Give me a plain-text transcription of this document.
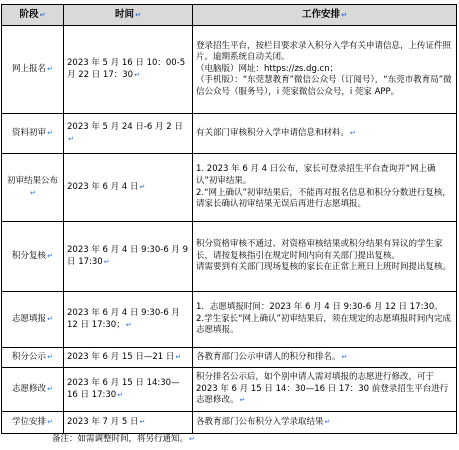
阶段↵	时间↵	工作安排↵
网上报名↵	2023 年 5 月 16 日 10：00-5 月 22 日 17：30↵	登录招生平台，按栏目要求录入积分入学有关申请信息，上传证件照片。逾期系统自动关闭。
（电脑版）网址：https://zs.dg.cn；
（手机版）：“东莞慧教育”微信公众号（订阅号），“东莞市教育局”微信公众号（服务号），i 莞家微信公众号，i 莞家 APP。

资料初审↵	2023 年 5 月 24 日-6 月 2 日↵	有关部门审核积分入学申请信息和材料。↵
初审结果公布↵	2023 年 6 月 4 日↵	1. 2023 年 6 月 4 日公布，家长可登录招生平台查询并“网上确认”初审结果。
2.“网上确认”初审结果后，不能再对报名信息和积分分数进行复核，请家长确认初审结果无误后再进行志愿填报。

积分复核↵	2023 年 6 月 4 日 9:30-6 月 9 日 17:30↵	积分资格审核不通过、对资格审核结果或积分结果有异议的学生家长，请按复核指引在规定时间内向有关部门提出复核。
请需要到有关部门现场复核的家长在正常上班日上班时间提出复核。

志愿填报↵	2023 年 6 月 4 日 9:30-6 月 12 日 17:30；↵	1．志愿填报时间：2023 年 6 月 4 日 9:30-6 月 12 日 17:30。
2.学生家长“网上确认”初审结果后，须在规定的志愿填报时间内完成志愿填报。

积分公示↵	2023 年 6 月 15 日—21 日↵	各教育部门公示申请人的积分和排名。↵
志愿修改↵	2023 年 6 月 15 日 14:30—16 日 17:30↵	积分排名公示后，如个别申请人需对填报的志愿进行修改，可于 2023 年 6 月 15 日 14：30—16 日 17：30 前登录招生平台进行志愿修改。↵
学位安排↵	2023 年 7 月 5 日↵	各教育部门公布积分入学录取结果↵
备注：如需调整时间，将另行通知。↵
